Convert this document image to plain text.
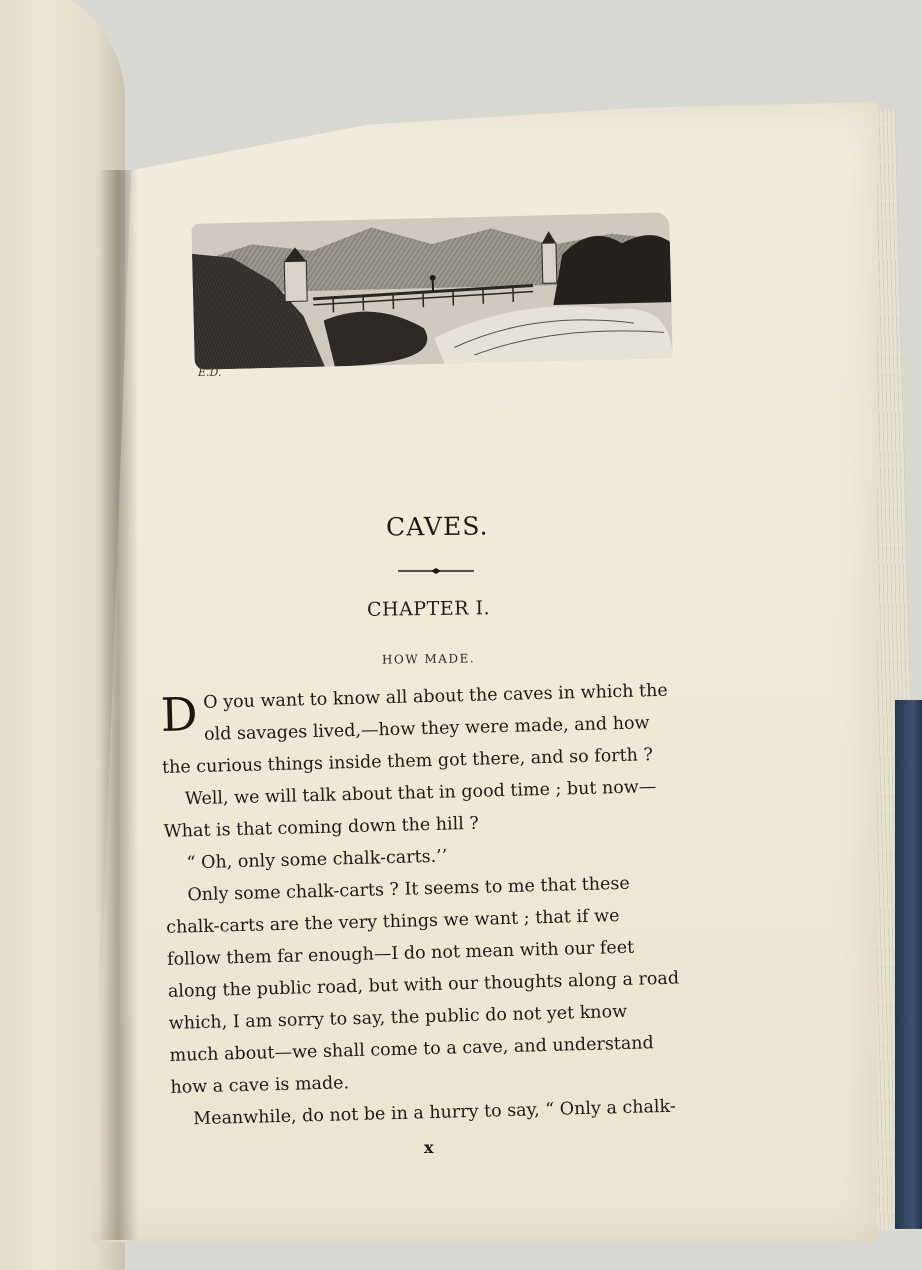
E.D.
CAVES.
CHAPTER I.
HOW MADE.
D O you want to know all about the caves in which the
old savages lived,—how they were made, and how
the curious things inside them got there, and so forth ?
Well, we will talk about that in good time ; but now—
What is that coming down the hill ?
“ Oh, only some chalk-carts.’’
Only some chalk-carts ? It seems to me that these
chalk-carts are the very things we want ; that if we
follow them far enough—I do not mean with our feet
along the public road, but with our thoughts along a road
which, I am sorry to say, the public do not yet know
much about—we shall come to a cave, and understand
how a cave is made.
Meanwhile, do not be in a hurry to say, “ Only a chalk-
x
